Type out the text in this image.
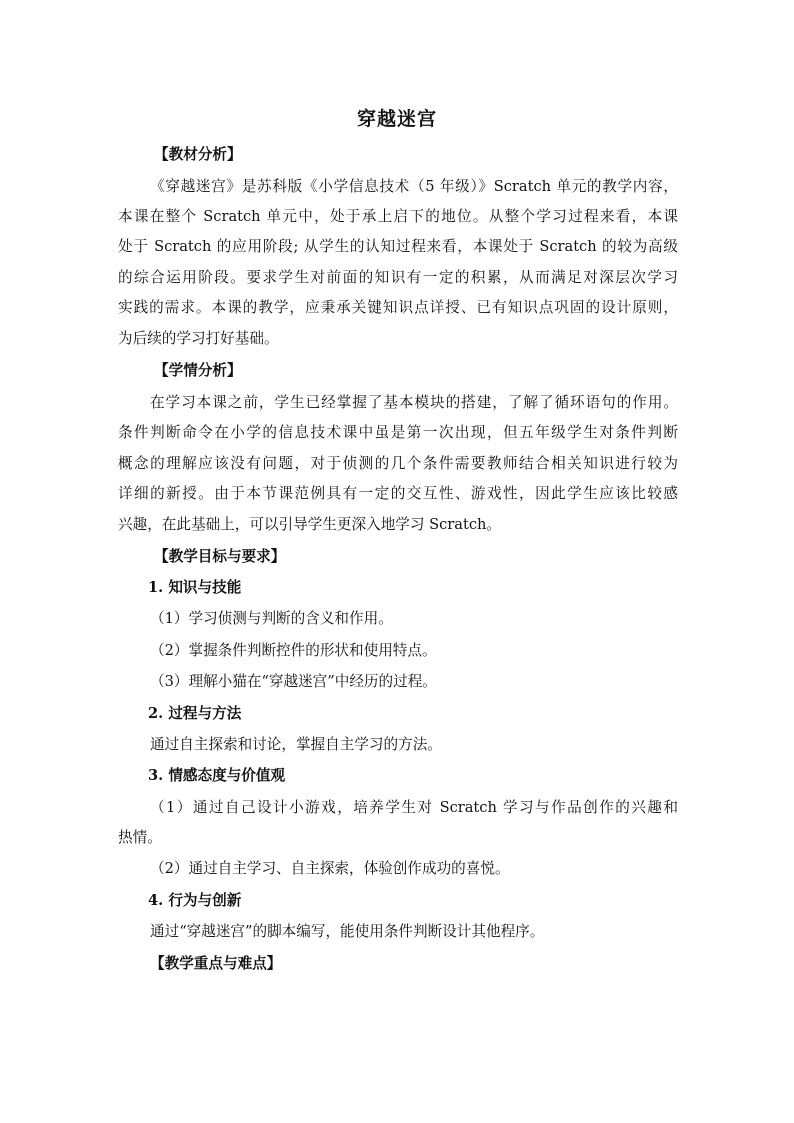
穿越迷宫
【教材分析】
《穿越迷宫》是苏科版《小学信息技术（5 年级）》Scratch 单元的教学内容，
本课在整个 Scratch 单元中，处于承上启下的地位。从整个学习过程来看，本课
处于 Scratch 的应用阶段; 从学生的认知过程来看，本课处于 Scratch 的较为高级
的综合运用阶段。要求学生对前面的知识有一定的积累，从而满足对深层次学习
实践的需求。本课的教学，应秉承关键知识点详授、已有知识点巩固的设计原则，
为后续的学习打好基础。
【学情分析】
在学习本课之前，学生已经掌握了基本模块的搭建，了解了循环语句的作用。
条件判断命令在小学的信息技术课中虽是第一次出现，但五年级学生对条件判断
概念的理解应该没有问题，对于侦测的几个条件需要教师结合相关知识进行较为
详细的新授。由于本节课范例具有一定的交互性、游戏性，因此学生应该比较感
兴趣，在此基础上，可以引导学生更深入地学习 Scratch。
【教学目标与要求】
1. 知识与技能
（1）学习侦测与判断的含义和作用。
（2）掌握条件判断控件的形状和使用特点。
（3）理解小猫在“穿越迷宫”中经历的过程。
2. 过程与方法
通过自主探索和讨论，掌握自主学习的方法。
3. 情感态度与价值观
（1）通过自己设计小游戏，培养学生对 Scratch 学习与作品创作的兴趣和
热情。
（2）通过自主学习、自主探索，体验创作成功的喜悦。
4. 行为与创新
通过“穿越迷宫”的脚本编写，能使用条件判断设计其他程序。
【教学重点与难点】
